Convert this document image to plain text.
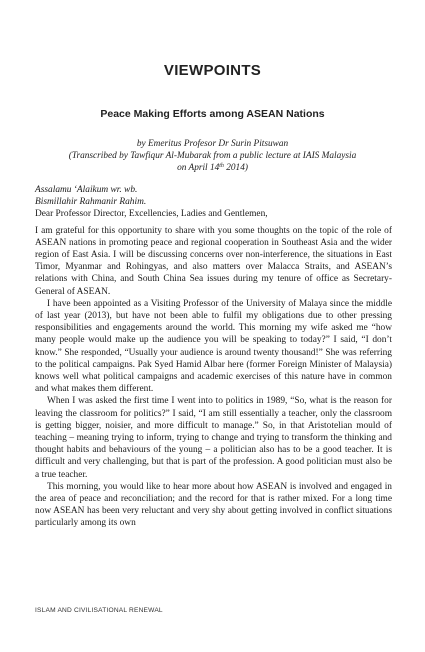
VIEWPOINTS
Peace Making Efforts among ASEAN Nations
by Emeritus Profesor Dr Surin Pitsuwan
(Transcribed by Tawfiqur Al-Mubarak from a public lecture at IAIS Malaysia
on April 14th 2014)
Assalamu ‘Alaikum wr. wb.
Bismillahir Rahmanir Rahim.
Dear Professor Director, Excellencies, Ladies and Gentlemen,

I am grateful for this opportunity to share with you some thoughts on the topic of the role of ASEAN nations in promoting peace and regional cooperation in Southeast Asia and the wider region of East Asia. I will be discussing concerns over non-interference, the situations in East Timor, Myanmar and Rohingyas, and also matters over Malacca Straits, and ASEAN’s relations with China, and South China Sea issues during my tenure of office as Secretary-General of ASEAN.

I have been appointed as a Visiting Professor of the University of Malaya since the middle of last year (2013), but have not been able to fulfil my obligations due to other pressing responsibilities and engagements around the world. This morning my wife asked me “how many people would make up the audience you will be speaking to today?” I said, “I don’t know.” She responded, “Usually your audience is around twenty thousand!” She was referring to the political campaigns. Pak Syed Hamid Albar here (former Foreign Minister of Malaysia) knows well what political campaigns and academic exercises of this nature have in common and what makes them different.

When I was asked the first time I went into to politics in 1989, “So, what is the reason for leaving the classroom for politics?” I said, “I am still essentially a teacher, only the classroom is getting bigger, noisier, and more difficult to manage.” So, in that Aristotelian mould of teaching – meaning trying to inform, trying to change and trying to transform the thinking and thought habits and behaviours of the young – a politician also has to be a good teacher. It is difficult and very challenging, but that is part of the profession. A good politician must also be a true teacher.

This morning, you would like to hear more about how ASEAN is involved and engaged in the area of peace and reconciliation; and the record for that is rather mixed. For a long time now ASEAN has been very reluctant and very shy about getting involved in conflict situations particularly among its own

ISLAM AND CIVILISATIONAL RENEWAL
